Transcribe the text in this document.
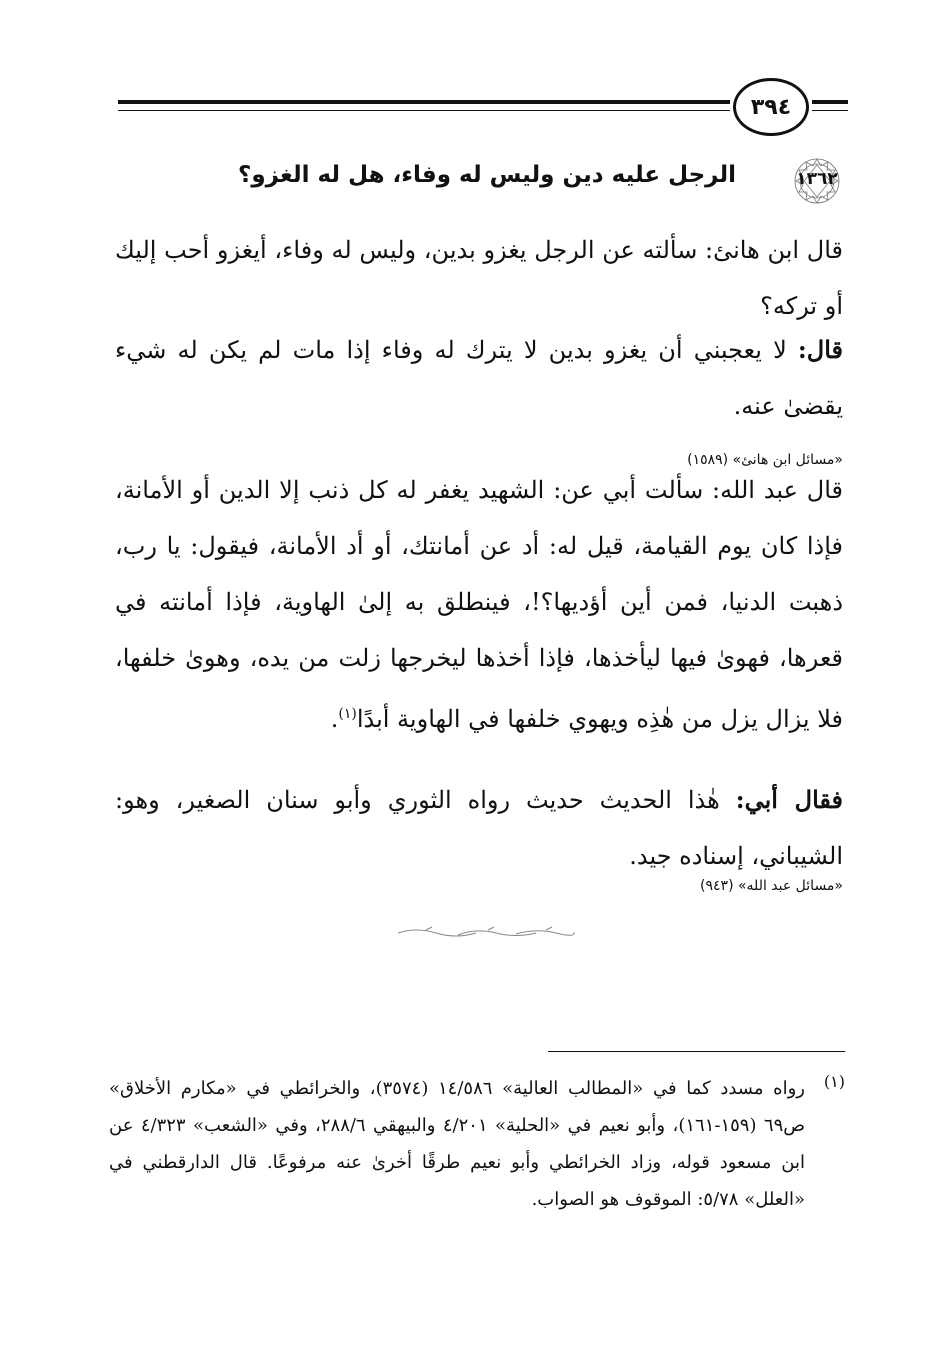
٣٩٤
١٣٦٢
الرجل عليه دين وليس له وفاء، هل له الغزو؟
قال ابن هانئ: سألته عن الرجل يغزو بدين، وليس له وفاء، أيغزو أحب إليك أو تركه؟
قال: لا يعجبني أن يغزو بدين لا يترك له وفاء إذا مات لم يكن له شيء يقضىٰ عنه.
«مسائل ابن هانئ» (١٥٨٩)
قال عبد الله: سألت أبي عن: الشهيد يغفر له كل ذنب إلا الدين أو الأمانة، فإذا كان يوم القيامة، قيل له: أد عن أمانتك، أو أد الأمانة، فيقول: يا رب، ذهبت الدنيا، فمن أين أؤديها؟!، فينطلق به إلىٰ الهاوية، فإذا أمانته في قعرها، فهوىٰ فيها ليأخذها، فإذا أخذها ليخرجها زلت من يده، وهوىٰ خلفها، فلا يزال يزل من هٰذِه ويهوي خلفها في الهاوية أبدًا$^{(١)}$.
فقال أبي: هٰذا الحديث حديث رواه الثوري وأبو سنان الصغير، وهو: الشيباني، إسناده جيد.
«مسائل عبد الله» (٩٤٣)
(١)
رواه مسدد كما في «المطالب العالية» ١٤/٥٨٦ (٣٥٧٤)، والخرائطي في «مكارم الأخلاق» ص٦٩ (١٥٩-١٦١)، وأبو نعيم في «الحلية» ٤/٢٠١ والبيهقي ٢٨٨/٦، وفي «الشعب» ٤/٣٢٣ عن ابن مسعود قوله، وزاد الخرائطي وأبو نعيم طرقًا أخرىٰ عنه مرفوعًا. قال الدارقطني في «العلل» ٥/٧٨: الموقوف هو الصواب.
